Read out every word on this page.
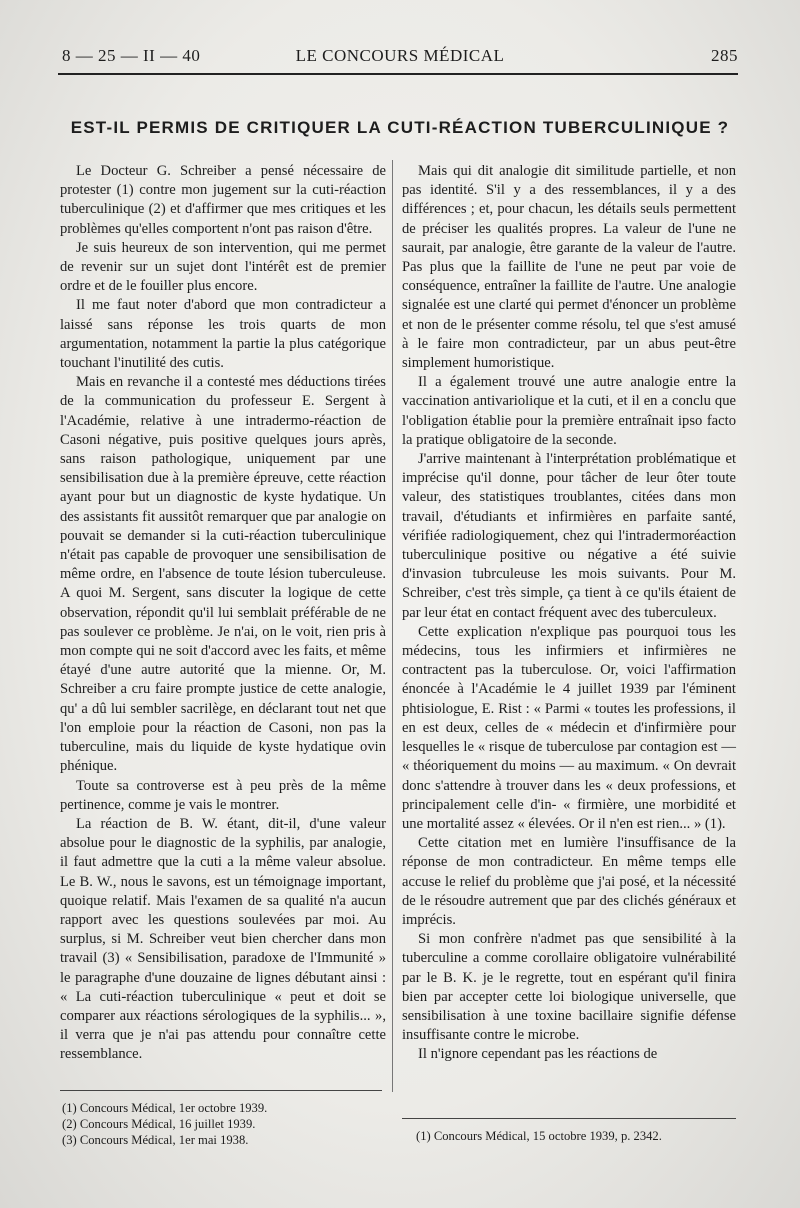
8 — 25 — II — 40	LE CONCOURS MÉDICAL	285
EST-IL PERMIS DE CRITIQUER LA CUTI-RÉACTION TUBERCULINIQUE ?

Le Docteur G. Schreiber a pensé nécessaire de protester (1) contre mon jugement sur la cuti-réaction tuberculinique (2) et d'affirmer que mes critiques et les problèmes qu'elles comportent n'ont pas raison d'être.

Je suis heureux de son intervention, qui me permet de revenir sur un sujet dont l'intérêt est de premier ordre et de le fouiller plus encore.

Il me faut noter d'abord que mon contradicteur a laissé sans réponse les trois quarts de mon argumentation, notamment la partie la plus catégorique touchant l'inutilité des cutis.

Mais en revanche il a contesté mes déductions tirées de la communication du professeur E. Sergent à l'Académie, relative à une intradermo-réaction de Casoni négative, puis positive quelques jours après, sans raison pathologique, uniquement par une sensibilisation due à la première épreuve, cette réaction ayant pour but un diagnostic de kyste hydatique. Un des assistants fit aussitôt remarquer que par analogie on pouvait se demander si la cuti-réaction tuberculinique n'était pas capable de provoquer une sensibilisation de même ordre, en l'absence de toute lésion tuberculeuse. A quoi M. Sergent, sans discuter la logique de cette observation, répondit qu'il lui semblait préférable de ne pas soulever ce problème. Je n'ai, on le voit, rien pris à mon compte qui ne soit d'accord avec les faits, et même étayé d'une autre autorité que la mienne. Or, M. Schreiber a cru faire prompte justice de cette analogie, qu' a dû lui sembler sacrilège, en déclarant tout net que l'on emploie pour la réaction de Casoni, non pas la tuberculine, mais du liquide de kyste hydatique ovin phénique.

Toute sa controverse est à peu près de la même pertinence, comme je vais le montrer.

La réaction de B. W. étant, dit-il, d'une valeur absolue pour le diagnostic de la syphilis, par analogie, il faut admettre que la cuti a la même valeur absolue. Le B. W., nous le savons, est un témoignage important, quoique relatif. Mais l'examen de sa qualité n'a aucun rapport avec les questions soulevées par moi. Au surplus, si M. Schreiber veut bien chercher dans mon travail (3) « Sensibilisation, paradoxe de l'Immunité » le paragraphe d'une douzaine de lignes débutant ainsi : « La cuti-réaction tuberculinique « peut et doit se comparer aux réactions sérologiques de la syphilis... », il verra que je n'ai pas attendu pour connaître cette ressemblance.

Mais qui dit analogie dit similitude partielle, et non pas identité. S'il y a des ressemblances, il y a des différences ; et, pour chacun, les détails seuls permettent de préciser les qualités propres. La valeur de l'une ne saurait, par analogie, être garante de la valeur de l'autre. Pas plus que la faillite de l'une ne peut par voie de conséquence, entraîner la faillite de l'autre. Une analogie signalée est une clarté qui permet d'énoncer un problème et non de le présenter comme résolu, tel que s'est amusé à le faire mon contradicteur, par un abus peut-être simplement humoristique.

Il a également trouvé une autre analogie entre la vaccination antivariolique et la cuti, et il en a conclu que l'obligation établie pour la première entraînait ipso facto la pratique obligatoire de la seconde.

J'arrive maintenant à l'interprétation problématique et imprécise qu'il donne, pour tâcher de leur ôter toute valeur, des statistiques troublantes, citées dans mon travail, d'étudiants et infirmières en parfaite santé, vérifiée radiologiquement, chez qui l'intradermoréaction tuberculinique positive ou négative a été suivie d'invasion tubrculeuse les mois suivants. Pour M. Schreiber, c'est très simple, ça tient à ce qu'ils étaient de par leur état en contact fréquent avec des tuberculeux.

Cette explication n'explique pas pourquoi tous les médecins, tous les infirmiers et infirmières ne contractent pas la tuberculose. Or, voici l'affirmation énoncée à l'Académie le 4 juillet 1939 par l'éminent phtisiologue, E. Rist : « Parmi « toutes les professions, il en est deux, celles de « médecin et d'infirmière pour lesquelles le « risque de tuberculose par contagion est — « théoriquement du moins — au maximum. « On devrait donc s'attendre à trouver dans les « deux professions, et principalement celle d'in- « firmière, une morbidité et une mortalité assez « élevées. Or il n'en est rien... » (1).

Cette citation met en lumière l'insuffisance de la réponse de mon contradicteur. En même temps elle accuse le relief du problème que j'ai posé, et la nécessité de le résoudre autrement que par des clichés généraux et imprécis.

Si mon confrère n'admet pas que sensibilité à la tuberculine a comme corollaire obligatoire vulnérabilité par le B. K. je le regrette, tout en espérant qu'il finira bien par accepter cette loi biologique universelle, que sensibilisation à une toxine bacillaire signifie défense insuffisante contre le microbe.

Il n'ignore cependant pas les réactions de

(1) Concours Médical, 1er octobre 1939.
(2) Concours Médical, 16 juillet 1939.
(3) Concours Médical, 1er mai 1938.	(1) Concours Médical, 15 octobre 1939, p. 2342.
